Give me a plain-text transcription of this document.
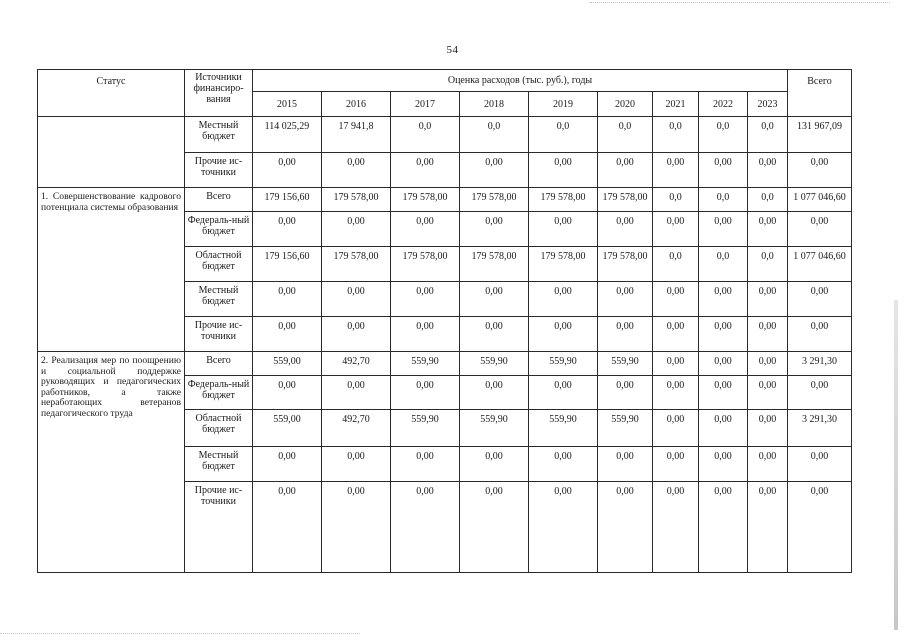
54
Статус	Источники финансиро-вания	Оценка расходов (тыс. руб.), годы									Всего
		2015	2016	2017	2018	2019	2020	2021	2022	2023	
	Местный бюджет	114 025,29	17 941,8	0,0	0,0	0,0	0,0	0,0	0,0	0,0	131 967,09
	Прочие ис-точники	0,00	0,00	0,00	0,00	0,00	0,00	0,00	0,00	0,00	0,00
1. Совершенствование кадрового потенциала системы образования	Всего	179 156,60	179 578,00	179 578,00	179 578,00	179 578,00	179 578,00	0,0	0,0	0,0	1 077 046,60
	Федераль-ный бюджет	0,00	0,00	0,00	0,00	0,00	0,00	0,00	0,00	0,00	0,00
	Областной бюджет	179 156,60	179 578,00	179 578,00	179 578,00	179 578,00	179 578,00	0,0	0,0	0,0	1 077 046,60
	Местный бюджет	0,00	0,00	0,00	0,00	0,00	0,00	0,00	0,00	0,00	0,00
	Прочие ис-точники	0,00	0,00	0,00	0,00	0,00	0,00	0,00	0,00	0,00	0,00
2. Реализация мер по поощрению и социальной поддержке руководящих и педагогических работников, а также неработающих ветеранов педагогического труда	Всего	559,00	492,70	559,90	559,90	559,90	559,90	0,00	0,00	0,00	3 291,30
	Федераль-ный бюджет	0,00	0,00	0,00	0,00	0,00	0,00	0,00	0,00	0,00	0,00
	Областной бюджет	559,00	492,70	559,90	559,90	559,90	559,90	0,00	0,00	0,00	3 291,30
	Местный бюджет	0,00	0,00	0,00	0,00	0,00	0,00	0,00	0,00	0,00	0,00
	Прочие ис-точники	0,00	0,00	0,00	0,00	0,00	0,00	0,00	0,00	0,00	0,00
